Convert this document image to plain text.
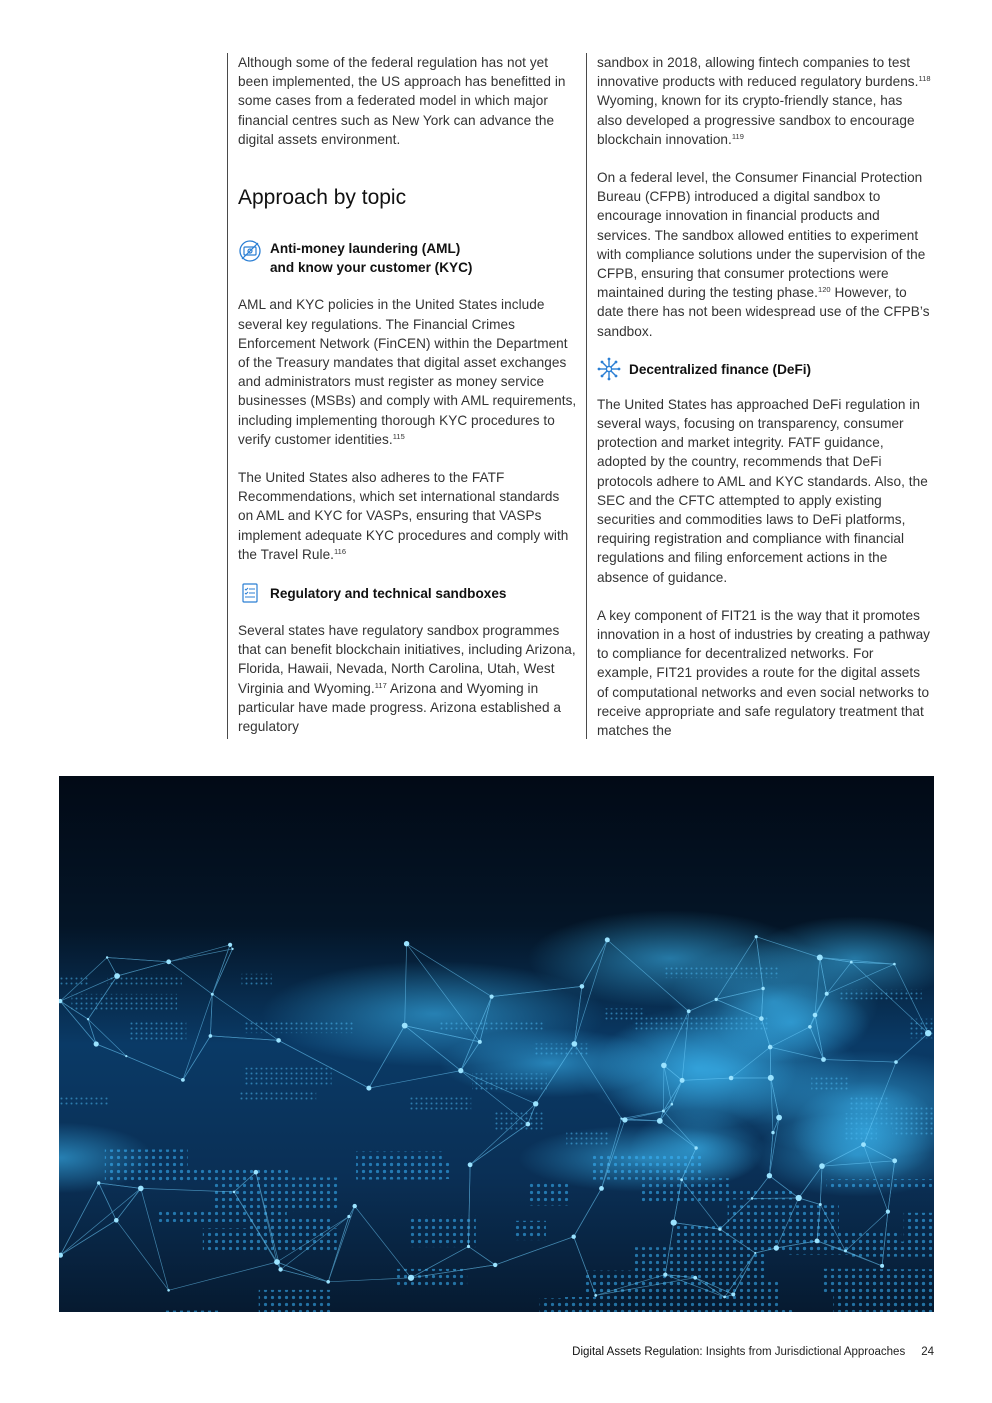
Although some of the federal regulation has not yet been implemented, the US approach has benefitted in some cases from a federated model in which major financial centres such as New York can advance the digital assets environment.

Approach by topic
Anti-money laundering (AML)
and know your customer (KYC)

AML and KYC policies in the United States include several key regulations. The Financial Crimes Enforcement Network (FinCEN) within the Department of the Treasury mandates that digital asset exchanges and administrators must register as money service businesses (MSBs) and comply with AML requirements, including implementing thorough KYC procedures to verify customer identities.$^{115}$

The United States also adheres to the FATF Recommendations, which set international standards on AML and KYC for VASPs, ensuring that VASPs implement adequate KYC procedures and comply with the Travel Rule.$^{116}$

Regulatory and technical sandboxes

Several states have regulatory sandbox programmes that can benefit blockchain initiatives, including Arizona, Florida, Hawaii, Nevada, North Carolina, Utah, West Virginia and Wyoming.$^{117}$ Arizona and Wyoming in particular have made progress. Arizona established a regulatory

sandbox in 2018, allowing fintech companies to test innovative products with reduced regulatory burdens.$^{118}$ Wyoming, known for its crypto-friendly stance, has also developed a progressive sandbox to encourage blockchain innovation.$^{119}$

On a federal level, the Consumer Financial Protection Bureau (CFPB) introduced a digital sandbox to encourage innovation in financial products and services. The sandbox allowed entities to experiment with compliance solutions under the supervision of the CFPB, ensuring that consumer protections were maintained during the testing phase.$^{120}$ However, to date there has not been widespread use of the CFPB’s sandbox.

Decentralized finance (DeFi)

The United States has approached DeFi regulation in several ways, focusing on transparency, consumer protection and market integrity. FATF guidance, adopted by the country, recommends that DeFi protocols adhere to AML and KYC standards. Also, the SEC and the CFTC attempted to apply existing securities and commodities laws to DeFi platforms, requiring registration and compliance with financial regulations and filing enforcement actions in the absence of guidance.

A key component of FIT21 is the way that it promotes innovation in a host of industries by creating a pathway to compliance for decentralized networks. For example, FIT21 provides a route for the digital assets of computational networks and even social networks to receive appropriate and safe regulatory treatment that matches the

Digital Assets Regulation: Insights from Jurisdictional Approaches 24
